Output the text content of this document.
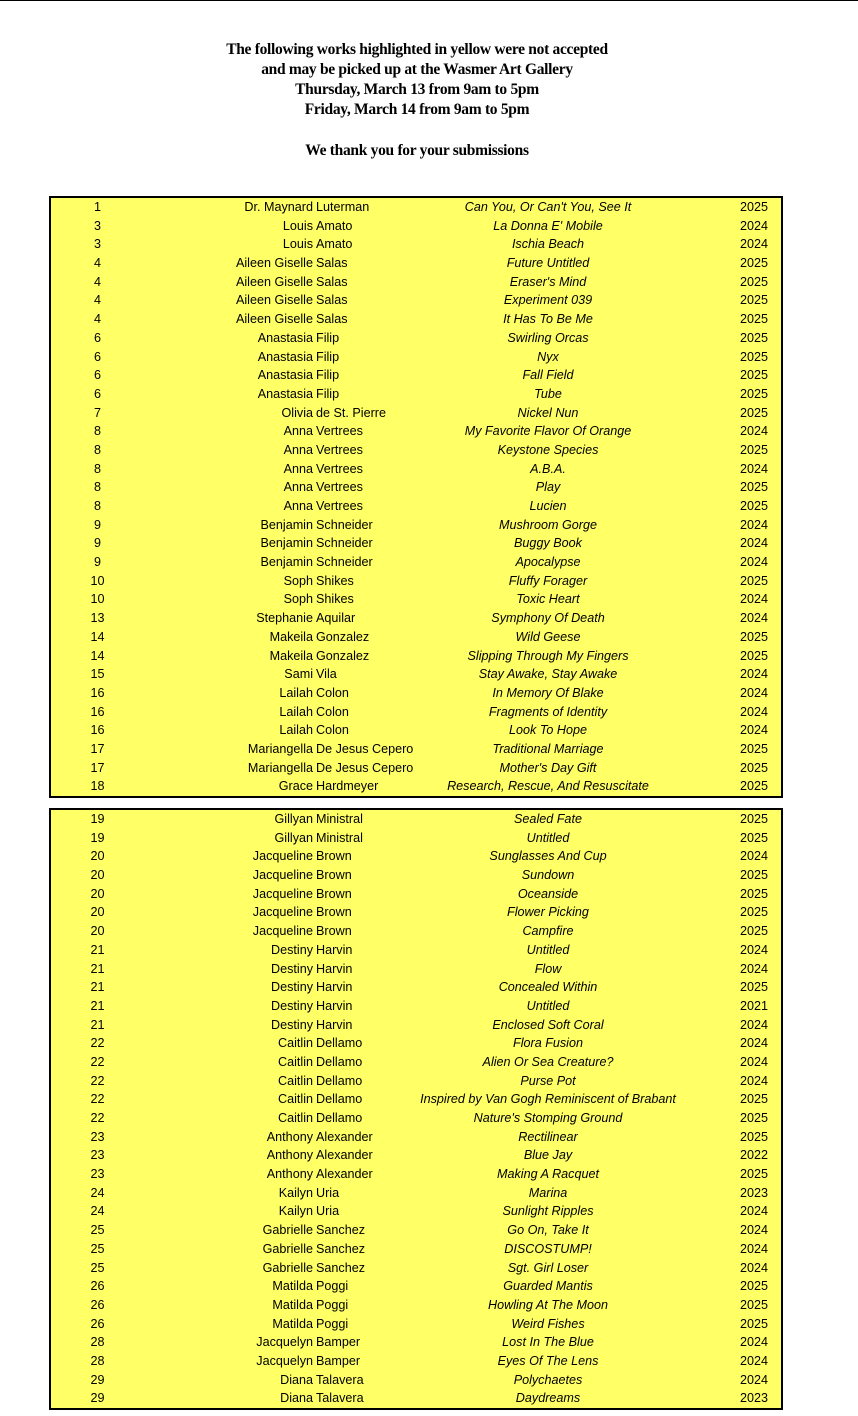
The following works highlighted in yellow were not accepted
and may be picked up at the Wasmer Art Gallery
Thursday, March 13 from 9am to 5pm
Friday, March 14 from 9am to 5pm
We thank you for your submissions
1	Dr. Maynard Luterman	Can You, Or Can't You, See It	2025
3	Louis Amato	La Donna E' Mobile	2024
3	Louis Amato	Ischia Beach	2024
4	Aileen Giselle Salas	Future Untitled	2025
4	Aileen Giselle Salas	Eraser's Mind	2025
4	Aileen Giselle Salas	Experiment 039	2025
4	Aileen Giselle Salas	It Has To Be Me	2025
6	Anastasia Filip	Swirling Orcas	2025
6	Anastasia Filip	Nyx	2025
6	Anastasia Filip	Fall Field	2025
6	Anastasia Filip	Tube	2025
7	Olivia de St. Pierre	Nickel Nun	2025
8	Anna Vertrees	My Favorite Flavor Of Orange	2024
8	Anna Vertrees	Keystone Species	2025
8	Anna Vertrees	A.B.A.	2024
8	Anna Vertrees	Play	2025
8	Anna Vertrees	Lucien	2025
9	Benjamin Schneider	Mushroom Gorge	2024
9	Benjamin Schneider	Buggy Book	2024
9	Benjamin Schneider	Apocalypse	2024
10	Soph Shikes	Fluffy Forager	2025
10	Soph Shikes	Toxic Heart	2024
13	Stephanie Aquilar	Symphony Of Death	2024
14	Makeila Gonzalez	Wild Geese	2025
14	Makeila Gonzalez	Slipping Through My Fingers	2025
15	Sami Vila	Stay Awake, Stay Awake	2024
16	Lailah Colon	In Memory Of Blake	2024
16	Lailah Colon	Fragments of Identity	2024
16	Lailah Colon	Look To Hope	2024
17	Mariangella De Jesus Cepero	Traditional Marriage	2025
17	Mariangella De Jesus Cepero	Mother's Day Gift	2025
18	Grace Hardmeyer	Research, Rescue, And Resuscitate	2025
19	Gillyan Ministral	Sealed Fate	2025
19	Gillyan Ministral	Untitled	2025
20	Jacqueline Brown	Sunglasses And Cup	2024
20	Jacqueline Brown	Sundown	2025
20	Jacqueline Brown	Oceanside	2025
20	Jacqueline Brown	Flower Picking	2025
20	Jacqueline Brown	Campfire	2025
21	Destiny Harvin	Untitled	2024
21	Destiny Harvin	Flow	2024
21	Destiny Harvin	Concealed Within	2025
21	Destiny Harvin	Untitled	2021
21	Destiny Harvin	Enclosed Soft Coral	2024
22	Caitlin Dellamo	Flora Fusion	2024
22	Caitlin Dellamo	Alien Or Sea Creature?	2024
22	Caitlin Dellamo	Purse Pot	2024
22	Caitlin Dellamo	Inspired by Van Gogh Reminiscent of Brabant	2025
22	Caitlin Dellamo	Nature's Stomping Ground	2025
23	Anthony Alexander	Rectilinear	2025
23	Anthony Alexander	Blue Jay	2022
23	Anthony Alexander	Making A Racquet	2025
24	Kailyn Uria	Marina	2023
24	Kailyn Uria	Sunlight Ripples	2024
25	Gabrielle Sanchez	Go On, Take It	2024
25	Gabrielle Sanchez	DISCOSTUMP!	2024
25	Gabrielle Sanchez	Sgt. Girl Loser	2024
26	Matilda Poggi	Guarded Mantis	2025
26	Matilda Poggi	Howling At The Moon	2025
26	Matilda Poggi	Weird Fishes	2025
28	Jacquelyn Bamper	Lost In The Blue	2024
28	Jacquelyn Bamper	Eyes Of The Lens	2024
29	Diana Talavera	Polychaetes	2024
29	Diana Talavera	Daydreams	2023
